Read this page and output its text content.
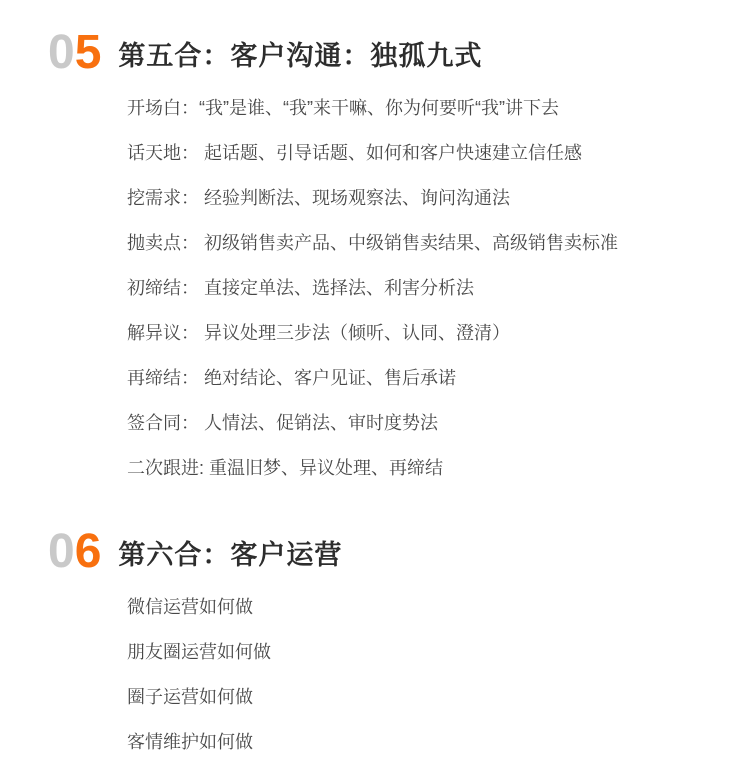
0 5 第五合：客户沟通：独孤九式
开场白：“我”是谁、“我”来干嘛、你为何要听“我”讲下去
话天地： 起话题、引导话题、如何和客户快速建立信任感
挖需求： 经验判断法、现场观察法、询问沟通法
抛卖点： 初级销售卖产品、中级销售卖结果、高级销售卖标准
初缔结： 直接定单法、选择法、利害分析法
解异议： 异议处理三步法（倾听、认同、澄清）
再缔结： 绝对结论、客户见证、售后承诺
签合同： 人情法、促销法、审时度势法
二次跟进: 重温旧梦、异议处理、再缔结
0 6 第六合：客户运营
微信运营如何做
朋友圈运营如何做
圈子运营如何做
客情维护如何做
